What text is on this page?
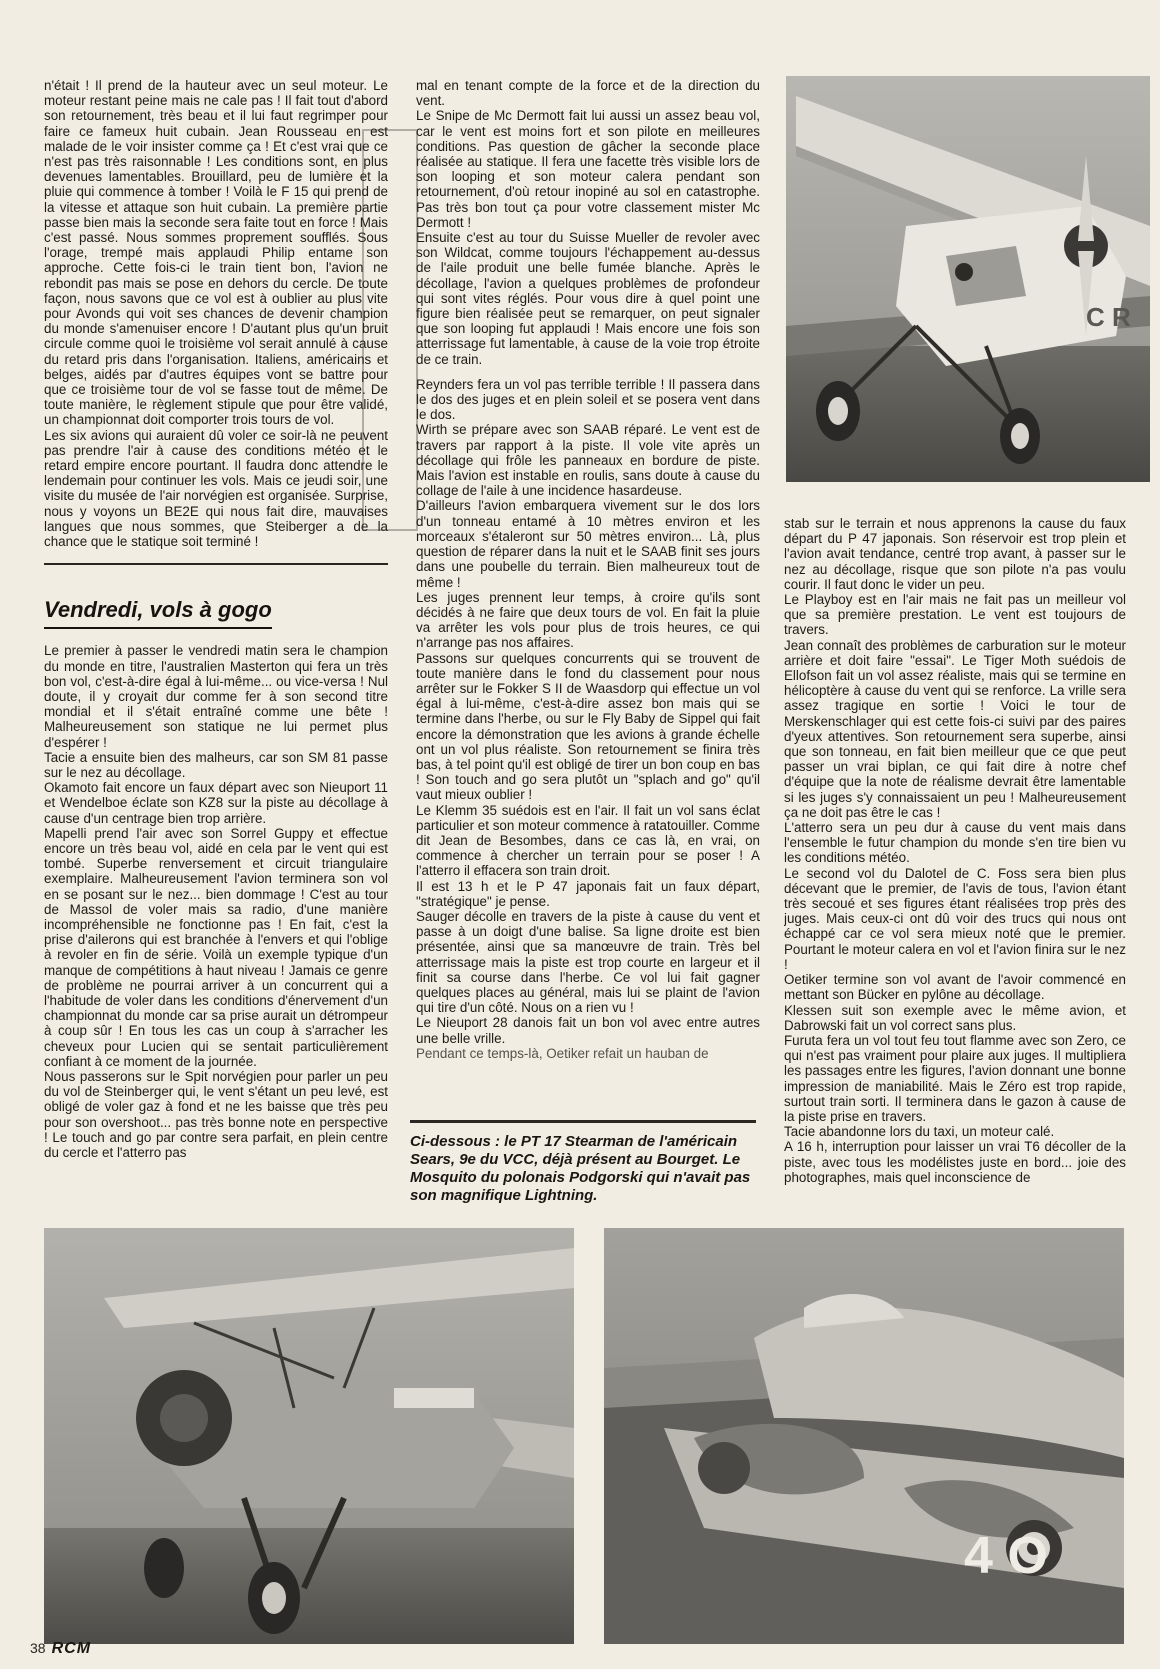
n'était ! Il prend de la hauteur avec un seul moteur. Le moteur restant peine mais ne cale pas ! Il fait tout d'abord son retournement, très beau et il lui faut regrimper pour faire ce fameux huit cubain. Jean Rousseau en est malade de le voir insister comme ça ! Et c'est vrai que ce n'est pas très raisonnable ! Les conditions sont, en plus devenues lamentables. Brouillard, peu de lumière et la pluie qui commence à tomber ! Voilà le F 15 qui prend de la vitesse et attaque son huit cubain. La première partie passe bien mais la seconde sera faite tout en force ! Mais c'est passé. Nous sommes proprement soufflés. Sous l'orage, trempé mais applaudi Philip entame son approche. Cette fois-ci le train tient bon, l'avion ne rebondit pas mais se pose en dehors du cercle. De toute façon, nous savons que ce vol est à oublier au plus vite pour Avonds qui voit ses chances de devenir champion du monde s'amenuiser encore ! D'autant plus qu'un bruit circule comme quoi le troisième vol serait annulé à cause du retard pris dans l'organisation. Italiens, américains et belges, aidés par d'autres équipes vont se battre pour que ce troisième tour de vol se fasse tout de même. De toute manière, le règlement stipule que pour être validé, un championnat doit comporter trois tours de vol.

Les six avions qui auraient dû voler ce soir-là ne peuvent pas prendre l'air à cause des conditions météo et le retard empire encore pourtant. Il faudra donc attendre le lendemain pour continuer les vols. Mais ce jeudi soir, une visite du musée de l'air norvégien est organisée. Surprise, nous y voyons un BE2E qui nous fait dire, mauvaises langues que nous sommes, que Steiberger a de la chance que le statique soit terminé !

Vendredi, vols à gogo

Le premier à passer le vendredi matin sera le champion du monde en titre, l'australien Masterton qui fera un très bon vol, c'est-à-dire égal à lui-même... ou vice-versa ! Nul doute, il y croyait dur comme fer à son second titre mondial et il s'était entraîné comme une bête ! Malheureusement son statique ne lui permet plus d'espérer !

Tacie a ensuite bien des malheurs, car son SM 81 passe sur le nez au décollage.

Okamoto fait encore un faux départ avec son Nieuport 11 et Wendelboe éclate son KZ8 sur la piste au décollage à cause d'un centrage bien trop arrière.

Mapelli prend l'air avec son Sorrel Guppy et effectue encore un très beau vol, aidé en cela par le vent qui est tombé. Superbe renversement et circuit triangulaire exemplaire. Malheureusement l'avion terminera son vol en se posant sur le nez... bien dommage ! C'est au tour de Massol de voler mais sa radio, d'une manière incompréhensible ne fonctionne pas ! En fait, c'est la prise d'ailerons qui est branchée à l'envers et qui l'oblige à revoler en fin de série. Voilà un exemple typique d'un manque de compétitions à haut niveau ! Jamais ce genre de problème ne pourrai arriver à un concurrent qui a l'habitude de voler dans les conditions d'énervement d'un championnat du monde car sa prise aurait un détrompeur à coup sûr ! En tous les cas un coup à s'arracher les cheveux pour Lucien qui se sentait particulièrement confiant à ce moment de la journée.

Nous passerons sur le Spit norvégien pour parler un peu du vol de Steinberger qui, le vent s'étant un peu levé, est obligé de voler gaz à fond et ne les baisse que très peu pour son overshoot... pas très bonne note en perspective ! Le touch and go par contre sera parfait, en plein centre du cercle et l'atterro pas

mal en tenant compte de la force et de la direction du vent.

Le Snipe de Mc Dermott fait lui aussi un assez beau vol, car le vent est moins fort et son pilote en meilleures conditions. Pas question de gâcher la seconde place réalisée au statique. Il fera une facette très visible lors de son looping et son moteur calera pendant son retournement, d'où retour inopiné au sol en catastrophe. Pas très bon tout ça pour votre classement mister Mc Dermott !

Ensuite c'est au tour du Suisse Mueller de revoler avec son Wildcat, comme toujours l'échappement au-dessus de l'aile produit une belle fumée blanche. Après le décollage, l'avion a quelques problèmes de profondeur qui sont vites réglés. Pour vous dire à quel point une figure bien réalisée peut se remarquer, on peut signaler que son looping fut applaudi ! Mais encore une fois son atterrissage fut lamentable, à cause de la voie trop étroite de ce train.

Reynders fera un vol pas terrible terrible ! Il passera dans le dos des juges et en plein soleil et se posera vent dans le dos.

Wirth se prépare avec son SAAB réparé. Le vent est de travers par rapport à la piste. Il vole vite après un décollage qui frôle les panneaux en bordure de piste. Mais l'avion est instable en roulis, sans doute à cause du collage de l'aile à une incidence hasardeuse.

D'ailleurs l'avion embarquera vivement sur le dos lors d'un tonneau entamé à 10 mètres environ et les morceaux s'étaleront sur 50 mètres environ... Là, plus question de réparer dans la nuit et le SAAB finit ses jours dans une poubelle du terrain. Bien malheureux tout de même !

Les juges prennent leur temps, à croire qu'ils sont décidés à ne faire que deux tours de vol. En fait la pluie va arrêter les vols pour plus de trois heures, ce qui n'arrange pas nos affaires.

Passons sur quelques concurrents qui se trouvent de toute manière dans le fond du classement pour nous arrêter sur le Fokker S II de Waasdorp qui effectue un vol égal à lui-même, c'est-à-dire assez bon mais qui se termine dans l'herbe, ou sur le Fly Baby de Sippel qui fait encore la démonstration que les avions à grande échelle ont un vol plus réaliste. Son retournement se finira très bas, à tel point qu'il est obligé de tirer un bon coup en bas ! Son touch and go sera plutôt un "splach and go" qu'il vaut mieux oublier !

Le Klemm 35 suédois est en l'air. Il fait un vol sans éclat particulier et son moteur commence à ratatouiller. Comme dit Jean de Besombes, dans ce cas là, en vrai, on commence à chercher un terrain pour se poser ! A l'atterro il effacera son train droit.

Il est 13 h et le P 47 japonais fait un faux départ, "stratégique" je pense.

Sauger décolle en travers de la piste à cause du vent et passe à un doigt d'une balise. Sa ligne droite est bien présentée, ainsi que sa manœuvre de train. Très bel atterrissage mais la piste est trop courte en largeur et il finit sa course dans l'herbe. Ce vol lui fait gagner quelques places au général, mais lui se plaint de l'avion qui tire d'un côté. Nous on a rien vu !

Le Nieuport 28 danois fait un bon vol avec entre autres une belle vrille.

Pendant ce temps-là, Oetiker refait un hauban de

Ci-dessous : le PT 17 Stearman de l'américain Sears, 9e du VCC, déjà présent au Bourget. Le Mosquito du polonais Podgorski qui n'avait pas son magnifique Lightning.

stab sur le terrain et nous apprenons la cause du faux départ du P 47 japonais. Son réservoir est trop plein et l'avion avait tendance, centré trop avant, à passer sur le nez au décollage, risque que son pilote n'a pas voulu courir. Il faut donc le vider un peu.

Le Playboy est en l'air mais ne fait pas un meilleur vol que sa première prestation. Le vent est toujours de travers.

Jean connaît des problèmes de carburation sur le moteur arrière et doit faire "essai". Le Tiger Moth suédois de Ellofson fait un vol assez réaliste, mais qui se termine en hélicoptère à cause du vent qui se renforce. La vrille sera assez tragique en sortie ! Voici le tour de Merskenschlager qui est cette fois-ci suivi par des paires d'yeux attentives. Son retournement sera superbe, ainsi que son tonneau, en fait bien meilleur que ce que peut passer un vrai biplan, ce qui fait dire à notre chef d'équipe que la note de réalisme devrait être lamentable si les juges s'y connaissaient un peu ! Malheureusement ça ne doit pas être le cas !

L'atterro sera un peu dur à cause du vent mais dans l'ensemble le futur champion du monde s'en tire bien vu les conditions météo.

Le second vol du Dalotel de C. Foss sera bien plus décevant que le premier, de l'avis de tous, l'avion étant très secoué et ses figures étant réalisées trop près des juges. Mais ceux-ci ont dû voir des trucs qui nous ont échappé car ce vol sera mieux noté que le premier. Pourtant le moteur calera en vol et l'avion finira sur le nez !

Oetiker termine son vol avant de l'avoir commencé en mettant son Bücker en pylône au décollage.

Klessen suit son exemple avec le même avion, et Dabrowski fait un vol correct sans plus.

Furuta fera un vol tout feu tout flamme avec son Zero, ce qui n'est pas vraiment pour plaire aux juges. Il multipliera les passages entre les figures, l'avion donnant une bonne impression de maniabilité. Mais le Zéro est trop rapide, surtout train sorti. Il terminera dans le gazon à cause de la piste prise en travers.

Tacie abandonne lors du taxi, un moteur calé.

A 16 h, interruption pour laisser un vrai T6 décoller de la piste, avec tous les modélistes juste en bord... joie des photographes, mais quel inconscience de

C R
4 O
38 RCM
